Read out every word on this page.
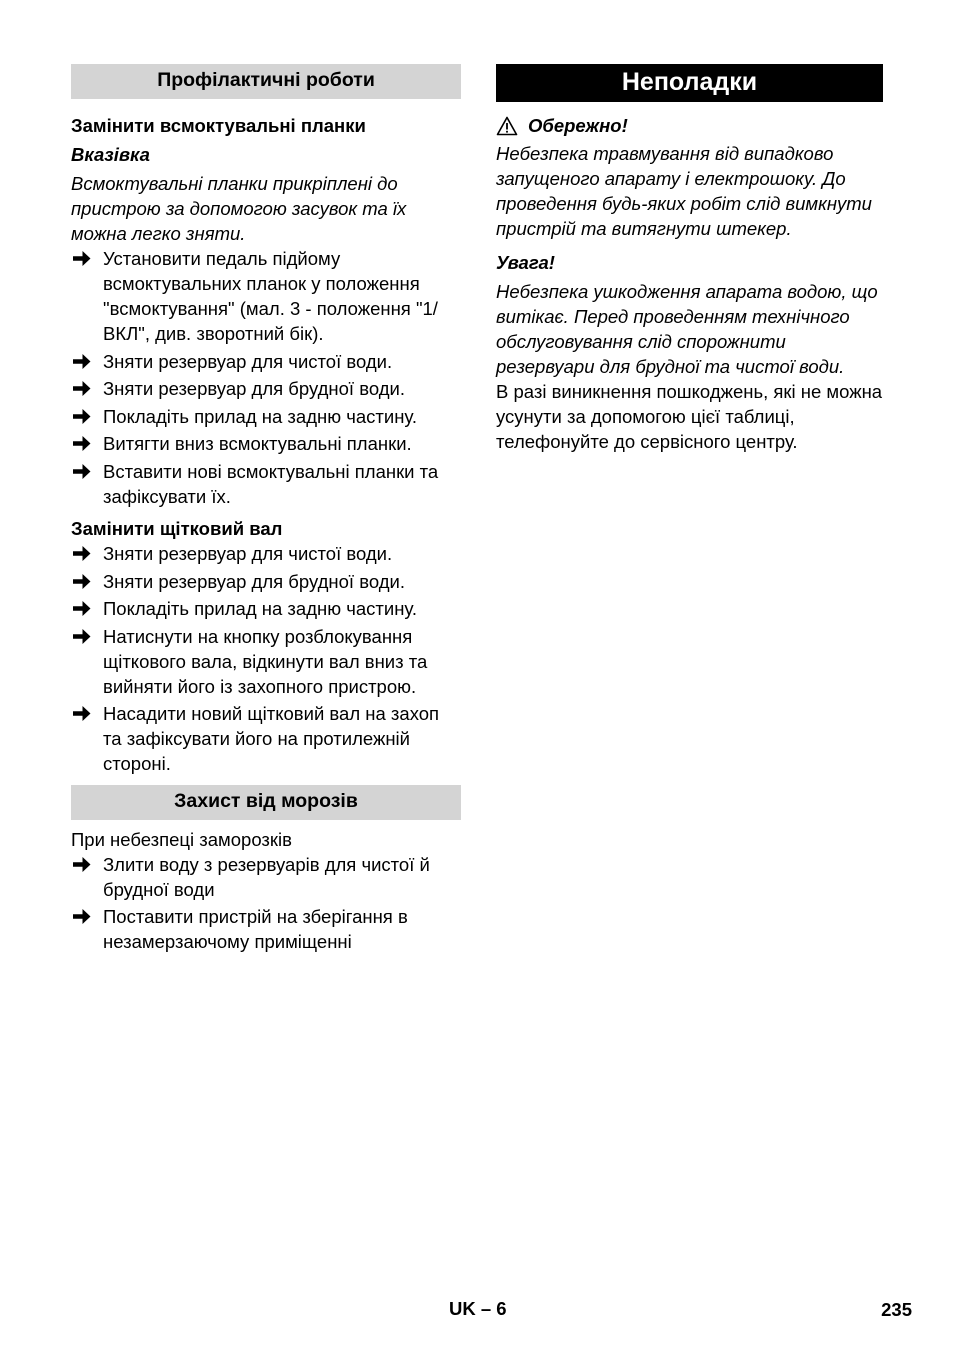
Профілактичні роботи
Замінити всмоктувальні планки
Вказівка

Всмоктувальні планки прикріплені до пристрою за допомогою засувок та їх можна легко зняти.

Установити педаль підйому всмоктувальних планок у положення "всмоктування" (мал. 3 - положення "1/ВКЛ", див. зворотний бік).
Зняти резервуар для чистої води.
Зняти резервуар для брудної води.
Покладіть прилад на задню частину.
Витягти вниз всмоктувальні планки.
Вставити нові всмоктувальні планки та зафіксувати їх.
Замінити щітковий вал
Зняти резервуар для чистої води.
Зняти резервуар для брудної води.
Покладіть прилад на задню частину.
Натиснути на кнопку розблокування щіткового вала, відкинути вал вниз та вийняти його із захопного пристрою.
Насадити новий щітковий вал на захоп та зафіксувати його на протилежній стороні.
Захист від морозів

При небезпеці заморозків

Злити воду з резервуарів для чистої й брудної води
Поставити пристрій на зберігання в незамерзаючому приміщенні
Неполадки
Обережно!

Небезпека травмування від випадково запущеного апарату і електрошоку. До проведення будь-яких робіт слід вимкнути пристрій та витягнути штекер.

Увага!

Небезпека ушкодження апарата водою, що витікає. Перед проведенням технічного обслуговування слід спорожнити резервуари для брудної та чистої води.

В разі виникнення пошкоджень, які не можна усунути за допомогою цієї таблиці, телефонуйте до сервісного центру.

UK – 6	235
